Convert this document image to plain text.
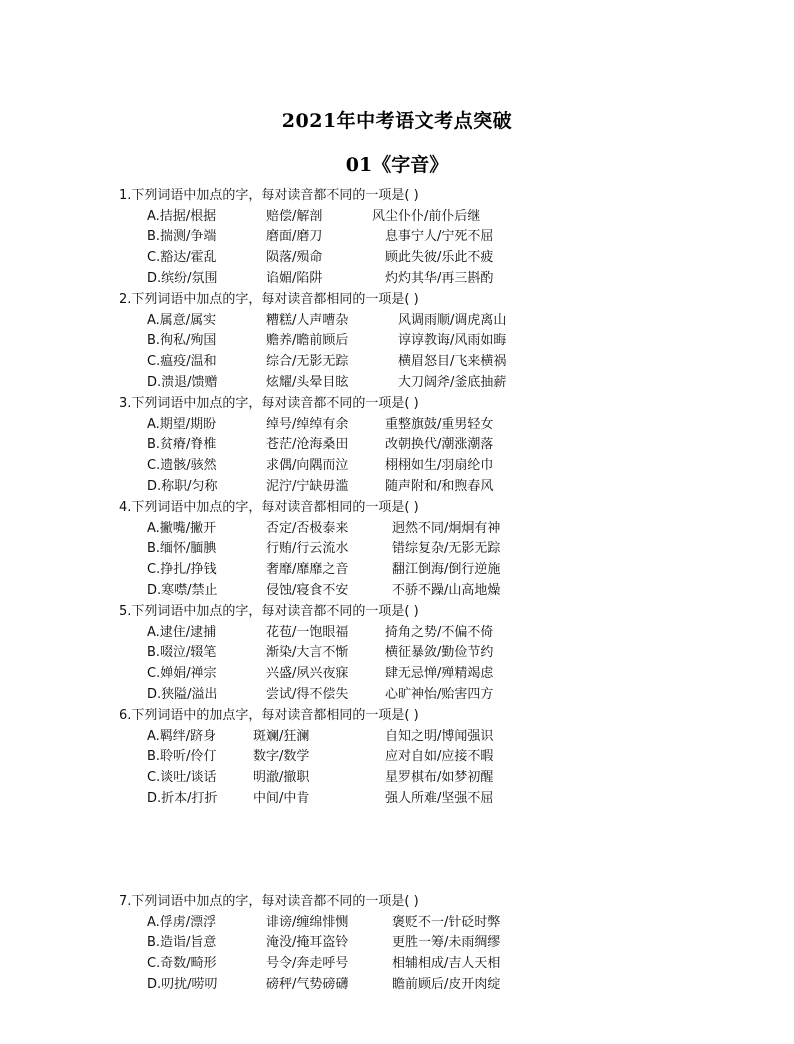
2021年中考语文考点突破
01《字音》
1.下列词语中加点的字，每对读音都不同的一项是( )
A.拮据/根据	赔偿/解剖	风尘仆仆/前仆后继
B.揣测/争端	磨面/磨刀	息事宁人/宁死不屈
C.豁达/霍乱	陨落/殒命	顾此失彼/乐此不疲
D.缤纷/氛围	谄媚/陷阱	灼灼其华/再三斟酌
2.下列词语中加点的字，每对读音都相同的一项是( )
A.属意/属实	糟糕/人声嘈杂	风调雨顺/调虎离山
B.徇私/殉国	赡养/瞻前顾后	谆谆教诲/风雨如晦
C.瘟疫/温和	综合/无影无踪	横眉怒目/飞来横祸
D.溃退/馈赠	炫耀/头晕目眩	大刀阔斧/釜底抽薪
3.下列词语中加点的字，每对读音都不同的一项是( )
A.期望/期盼	绰号/绰绰有余	重整旗鼓/重男轻女
B.贫瘠/脊椎	苍茫/沧海桑田	改朝换代/潮涨潮落
C.遗骸/骇然	求偶/向隅而泣	栩栩如生/羽扇纶巾
D.称职/匀称	泥泞/宁缺毋滥	随声附和/和煦春风
4.下列词语中加点的字，每对读音都相同的一项是( )
A.撇嘴/撇开	否定/否极泰来	迥然不同/炯炯有神
B.缅怀/腼腆	行贿/行云流水	错综复杂/无影无踪
C.挣扎/挣钱	奢靡/靡靡之音	翻江倒海/倒行逆施
D.寒噤/禁止	侵蚀/寝食不安	不骄不躁/山高地燥
5.下列词语中加点的字，每对读音都不同的一项是( )
A.逮住/逮捕	花苞/一饱眼福	掎角之势/不偏不倚
B.啜泣/辍笔	渐染/大言不惭	横征暴敛/勤俭节约
C.婵娟/禅宗	兴盛/夙兴夜寐	肆无忌惮/殚精竭虑
D.狭隘/溢出	尝试/得不偿失	心旷神怡/贻害四方
6.下列词语中的加点字，每对读音都相同的一项是( )
A.羁绊/跻身	斑斓/狂澜	自知之明/博闻强识
B.聆听/伶仃	数字/数学	应对自如/应接不暇
C.谈吐/谈话	明澈/撤职	星罗棋布/如梦初醒
D.折本/打折	中间/中肯	强人所难/坚强不屈
7.下列词语中加点的字，每对读音都不同的一项是( )
A.俘虏/漂浮	诽谤/缠绵悱恻	褒贬不一/针砭时弊
B.造诣/旨意	淹没/掩耳盗铃	更胜一筹/未雨绸缪
C.奇数/畸形	号令/奔走呼号	相辅相成/吉人天相
D.叨扰/唠叨	磅秤/气势磅礴	瞻前顾后/皮开肉绽
